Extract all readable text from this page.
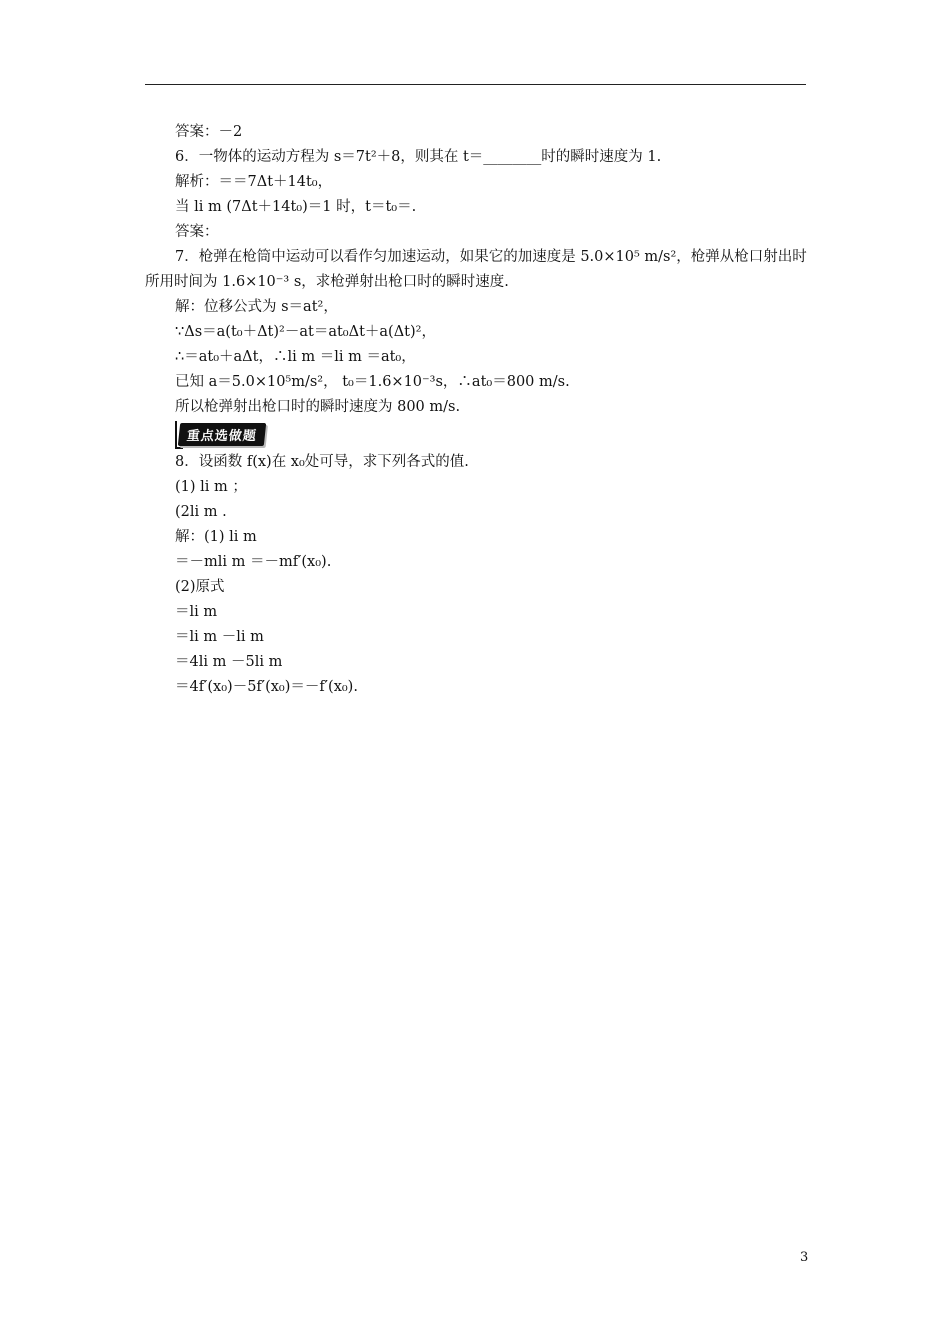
答案：－2
6．一物体的运动方程为 s＝7t²＋8，则其在 t＝________时的瞬时速度为 1.
解析：＝＝7Δt＋14t₀，
当 li m (7Δt＋14t₀)＝1 时，t＝t₀＝.
答案：
7．枪弹在枪筒中运动可以看作匀加速运动，如果它的加速度是 5.0×10⁵ m/s²，枪弹从枪口射出时所用时间为 1.6×10⁻³ s，求枪弹射出枪口时的瞬时速度.
解：位移公式为 s＝at²，
∵Δs＝a(t₀＋Δt)²－at＝at₀Δt＋a(Δt)²，
∴＝at₀＋aΔt，∴li m ＝li m ＝at₀，
已知 a＝5.0×10⁵m/s²， t₀＝1.6×10⁻³s，∴at₀＝800 m/s.
所以枪弹射出枪口时的瞬时速度为 800 m/s.
重点选做题
8．设函数 f(x)在 x₀处可导，求下列各式的值.
(1) li m ；
(2li m .
解：(1) li m
＝－mli m ＝－mf′(x₀).
(2)原式
＝li m
＝li m －li m
＝4li m －5li m
＝4f′(x₀)－5f′(x₀)＝－f′(x₀).
3
